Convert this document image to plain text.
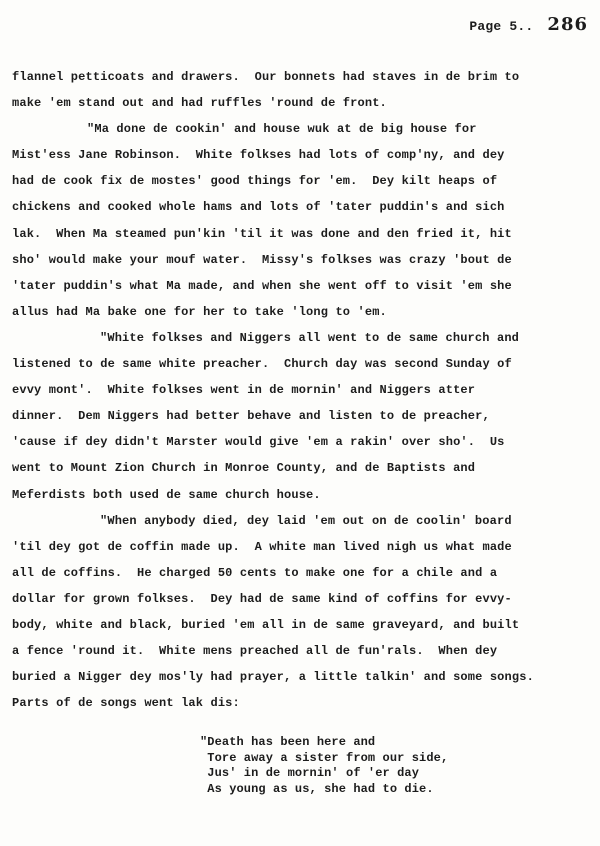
Page 5.. 286
flannel petticoats and drawers.  Our bonnets had staves in de brim to
make 'em stand out and had ruffles 'round de front.
"Ma done de cookin' and house wuk at de big house for
Mist'ess Jane Robinson.  White folkses had lots of comp'ny, and dey
had de cook fix de mostes' good things for 'em.  Dey kilt heaps of
chickens and cooked whole hams and lots of 'tater puddin's and sich
lak.  When Ma steamed pun'kin 'til it was done and den fried it, hit
sho' would make your mouf water.  Missy's folkses was crazy 'bout de
'tater puddin's what Ma made, and when she went off to visit 'em she
allus had Ma bake one for her to take 'long to 'em.
"White folkses and Niggers all went to de same church and
listened to de same white preacher.  Church day was second Sunday of
evvy mont'.  White folkses went in de mornin' and Niggers atter
dinner.  Dem Niggers had better behave and listen to de preacher,
'cause if dey didn't Marster would give 'em a rakin' over sho'.  Us
went to Mount Zion Church in Monroe County, and de Baptists and
Meferdists both used de same church house.
"When anybody died, dey laid 'em out on de coolin' board
'til dey got de coffin made up.  A white man lived nigh us what made
all de coffins.  He charged 50 cents to make one for a chile and a
dollar for grown folkses.  Dey had de same kind of coffins for evvy-
body, white and black, buried 'em all in de same graveyard, and built
a fence 'round it.  White mens preached all de fun'rals.  When dey
buried a Nigger dey mos'ly had prayer, a little talkin' and some songs.
Parts of de songs went lak dis:
"Death has been here and
Tore away a sister from our side,
Jus' in de mornin' of 'er day
As young as us, she had to die.
